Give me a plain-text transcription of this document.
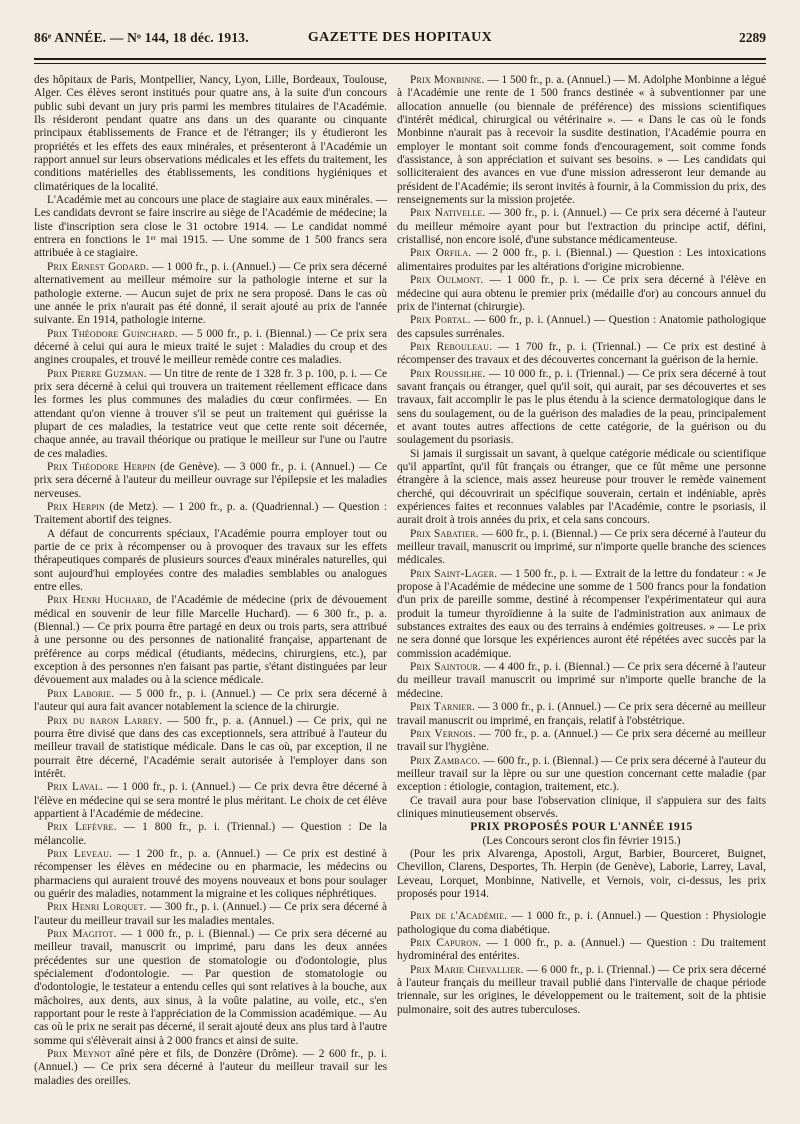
86ᵉ ANNÉE. — Nᵒ 144, 18 déc. 1913.	GAZETTE DES HOPITAUX	2289

des hôpitaux de Paris, Montpellier, Nancy, Lyon, Lille, Bordeaux, Toulouse, Alger. Ces élèves seront institués pour quatre ans, à la suite d'un concours public subi devant un jury pris parmi les membres titulaires de l'Académie. Ils résideront pendant quatre ans dans un des quarante ou cinquante principaux établissements de France et de l'étranger; ils y étudieront les propriétés et les effets des eaux minérales, et présenteront à l'Académie un rapport annuel sur leurs observations médicales et les effets du traitement, les conditions matérielles des établissements, les conditions hygiéniques et climatériques de la localité.

L'Académie met au concours une place de stagiaire aux eaux minérales. — Les candidats devront se faire inscrire au siège de l'Académie de médecine; la liste d'inscription sera close le 31 octobre 1914. — Le candidat nommé entrera en fonctions le 1ᵉʳ mai 1915. — Une somme de 1 500 francs sera attribuée à ce stagiaire.

Prix Ernest Godard. — 1 000 fr., p. i. (Annuel.) — Ce prix sera décerné alternativement au meilleur mémoire sur la pathologie interne et sur la pathologie externe. — Aucun sujet de prix ne sera proposé. Dans le cas où une année le prix n'aurait pas été donné, il serait ajouté au prix de l'année suivante. En 1914, pathologie interne.

Prix Théodore Guinchard. — 5 000 fr., p. i. (Biennal.) — Ce prix sera décerné à celui qui aura le mieux traité le sujet : Maladies du croup et des angines croupales, et trouvé le meilleur remède contre ces maladies.

Prix Pierre Guzman. — Un titre de rente de 1 328 fr. 3 p. 100, p. i. — Ce prix sera décerné à celui qui trouvera un traitement réellement efficace dans les formes les plus communes des maladies du cœur confirmées. — En attendant qu'on vienne à trouver s'il se peut un traitement qui guérisse la plupart de ces maladies, la testatrice veut que cette rente soit décernée, chaque année, au travail théorique ou pratique le meilleur sur l'une ou l'autre de ces maladies.

Prix Théodore Herpin (de Genève). — 3 000 fr., p. i. (Annuel.) — Ce prix sera décerné à l'auteur du meilleur ouvrage sur l'épilepsie et les maladies nerveuses.

Prix Herpin (de Metz). — 1 200 fr., p. a. (Quadriennal.) — Question : Traitement abortif des teignes.

A défaut de concurrents spéciaux, l'Académie pourra employer tout ou partie de ce prix à récompenser ou à provoquer des travaux sur les effets thérapeutiques comparés de plusieurs sources d'eaux minérales naturelles, qui sont aujourd'hui employées contre des maladies semblables ou analogues entre elles.

Prix Henri Huchard, de l'Académie de médecine (prix de dévouement médical en souvenir de leur fille Marcelle Huchard). — 6 300 fr., p. a. (Biennal.) — Ce prix pourra être partagé en deux ou trois parts, sera attribué à une personne ou des personnes de nationalité française, appartenant de préférence au corps médical (étudiants, médecins, chirurgiens, etc.), par exception à des personnes n'en faisant pas partie, s'étant distinguées par leur dévouement aux malades ou à la science médicale.

Prix Laborie. — 5 000 fr., p. i. (Annuel.) — Ce prix sera décerné à l'auteur qui aura fait avancer notablement la science de la chirurgie.

Prix du baron Larrey. — 500 fr., p. a. (Annuel.) — Ce prix, qui ne pourra être divisé que dans des cas exceptionnels, sera attribué à l'auteur du meilleur travail de statistique médicale. Dans le cas où, par exception, il ne pourrait être décerné, l'Académie serait autorisée à l'employer dans son intérêt.

Prix Laval. — 1 000 fr., p. i. (Annuel.) — Ce prix devra être décerné à l'élève en médecine qui se sera montré le plus méritant. Le choix de cet élève appartient à l'Académie de médecine.

Prix Lefèvre. — 1 800 fr., p. i. (Triennal.) — Question : De la mélancolie.

Prix Leveau. — 1 200 fr., p. a. (Annuel.) — Ce prix est destiné à récompenser les élèves en médecine ou en pharmacie, les médecins ou pharmaciens qui auraient trouvé des moyens nouveaux et bons pour soulager ou guérir des maladies, notamment la migraine et les coliques néphrétiques.

Prix Henri Lorquet. — 300 fr., p. i. (Annuel.) — Ce prix sera décerné à l'auteur du meilleur travail sur les maladies mentales.

Prix Magitot. — 1 000 fr., p. i. (Biennal.) — Ce prix sera décerné au meilleur travail, manuscrit ou imprimé, paru dans les deux années précédentes sur une question de stomatologie ou d'odontologie, plus spécialement d'odontologie. — Par question de stomatologie ou d'odontologie, le testateur a entendu celles qui sont relatives à la bouche, aux mâchoires, aux dents, aux sinus, à la voûte palatine, au voile, etc., s'en rapportant pour le reste à l'appréciation de la Commission académique. — Au cas où le prix ne serait pas décerné, il serait ajouté deux ans plus tard à l'autre somme qui s'élèverait ainsi à 2 000 francs et ainsi de suite.

Prix Meynot aîné père et fils, de Donzère (Drôme). — 2 600 fr., p. i. (Annuel.) — Ce prix sera décerné à l'auteur du meilleur travail sur les maladies des oreilles.

Prix Monbinne. — 1 500 fr., p. a. (Annuel.) — M. Adolphe Monbinne a légué à l'Académie une rente de 1 500 francs destinée « à subventionner par une allocation annuelle (ou biennale de préférence) des missions scientifiques d'intérêt médical, chirurgical ou vétérinaire ». — « Dans le cas où le fonds Monbinne n'aurait pas à recevoir la susdite destination, l'Académie pourra en employer le montant soit comme fonds d'encouragement, soit comme fonds d'assistance, à son appréciation et suivant ses besoins. » — Les candidats qui solliciteraient des avances en vue d'une mission adresseront leur demande au président de l'Académie; ils seront invités à fournir, à la Commission du prix, des renseignements sur la mission projetée.

Prix Nativelle. — 300 fr., p. i. (Annuel.) — Ce prix sera décerné à l'auteur du meilleur mémoire ayant pour but l'extraction du principe actif, défini, cristallisé, non encore isolé, d'une substance médicamenteuse.

Prix Orfila. — 2 000 fr., p. i. (Biennal.) — Question : Les intoxications alimentaires produites par les altérations d'origine microbienne.

Prix Oulmont. — 1 000 fr., p. i. — Ce prix sera décerné à l'élève en médecine qui aura obtenu le premier prix (médaille d'or) au concours annuel du prix de l'internat (chirurgie).

Prix Portal. — 600 fr., p. i. (Annuel.) — Question : Anatomie pathologique des capsules surrénales.

Prix Rebouleau. — 1 700 fr., p. i. (Triennal.) — Ce prix est destiné à récompenser des travaux et des découvertes concernant la guérison de la hernie.

Prix Roussilhe. — 10 000 fr., p. i. (Triennal.) — Ce prix sera décerné à tout savant français ou étranger, quel qu'il soit, qui aurait, par ses découvertes et ses travaux, fait accomplir le pas le plus étendu à la science dermatologique dans le sens du soulagement, ou de la guérison des maladies de la peau, principalement et avant toutes autres affections de cette catégorie, de la guérison ou du soulagement du psoriasis.

Si jamais il surgissait un savant, à quelque catégorie médicale ou scientifique qu'il appartînt, qu'il fût français ou étranger, que ce fût même une personne étrangère à la science, mais assez heureuse pour trouver le remède vainement cherché, qui découvrirait un spécifique souverain, certain et indéniable, après expériences faites et reconnues valables par l'Académie, contre le psoriasis, il aurait droit à trois années du prix, et cela sans concours.

Prix Sabatier. — 600 fr., p. i. (Biennal.) — Ce prix sera décerné à l'auteur du meilleur travail, manuscrit ou imprimé, sur n'importe quelle branche des sciences médicales.

Prix Saint-Lager. — 1 500 fr., p. i. — Extrait de la lettre du fondateur : « Je propose à l'Académie de médecine une somme de 1 500 francs pour la fondation d'un prix de pareille somme, destiné à récompenser l'expérimentateur qui aura produit la tumeur thyroïdienne à la suite de l'administration aux animaux de substances extraites des eaux ou des terrains à endémies goitreuses. » — Le prix ne sera donné que lorsque les expériences auront été répétées avec succès par la commission académique.

Prix Saintour. — 4 400 fr., p. i. (Biennal.) — Ce prix sera décerné à l'auteur du meilleur travail manuscrit ou imprimé sur n'importe quelle branche de la médecine.

Prix Tarnier. — 3 000 fr., p. i. (Annuel.) — Ce prix sera décerné au meilleur travail manuscrit ou imprimé, en français, relatif à l'obstétrique.

Prix Vernois. — 700 fr., p. a. (Annuel.) — Ce prix sera décerné au meilleur travail sur l'hygiène.

Prix Zambaco. — 600 fr., p. i. (Biennal.) — Ce prix sera décerné à l'auteur du meilleur travail sur la lèpre ou sur une question concernant cette maladie (par exception : étiologie, contagion, traitement, etc.).

Ce travail aura pour base l'observation clinique, il s'appuiera sur des faits cliniques minutieusement observés.

PRIX PROPOSÉS POUR L'ANNÉE 1915

(Les Concours seront clos fin février 1915.)

(Pour les prix Alvarenga, Apostoli, Argut, Barbier, Bourceret, Buignet, Chevillon, Clarens, Desportes, Th. Herpin (de Genève), Laborie, Larrey, Laval, Leveau, Lorquet, Monbinne, Nativelle, et Vernois, voir, ci-dessus, les prix proposés pour 1914.

Prix de l'Académie. — 1 000 fr., p. i. (Annuel.) — Question : Physiologie pathologique du coma diabétique.

Prix Capuron. — 1 000 fr., p. a. (Annuel.) — Question : Du traitement hydrominéral des entérites.

Prix Marie Chevallier. — 6 000 fr., p. i. (Triennal.) — Ce prix sera décerné à l'auteur français du meilleur travail publié dans l'intervalle de chaque période triennale, sur les origines, le développement ou le traitement, soit de la phtisie pulmonaire, soit des autres tuberculoses.
